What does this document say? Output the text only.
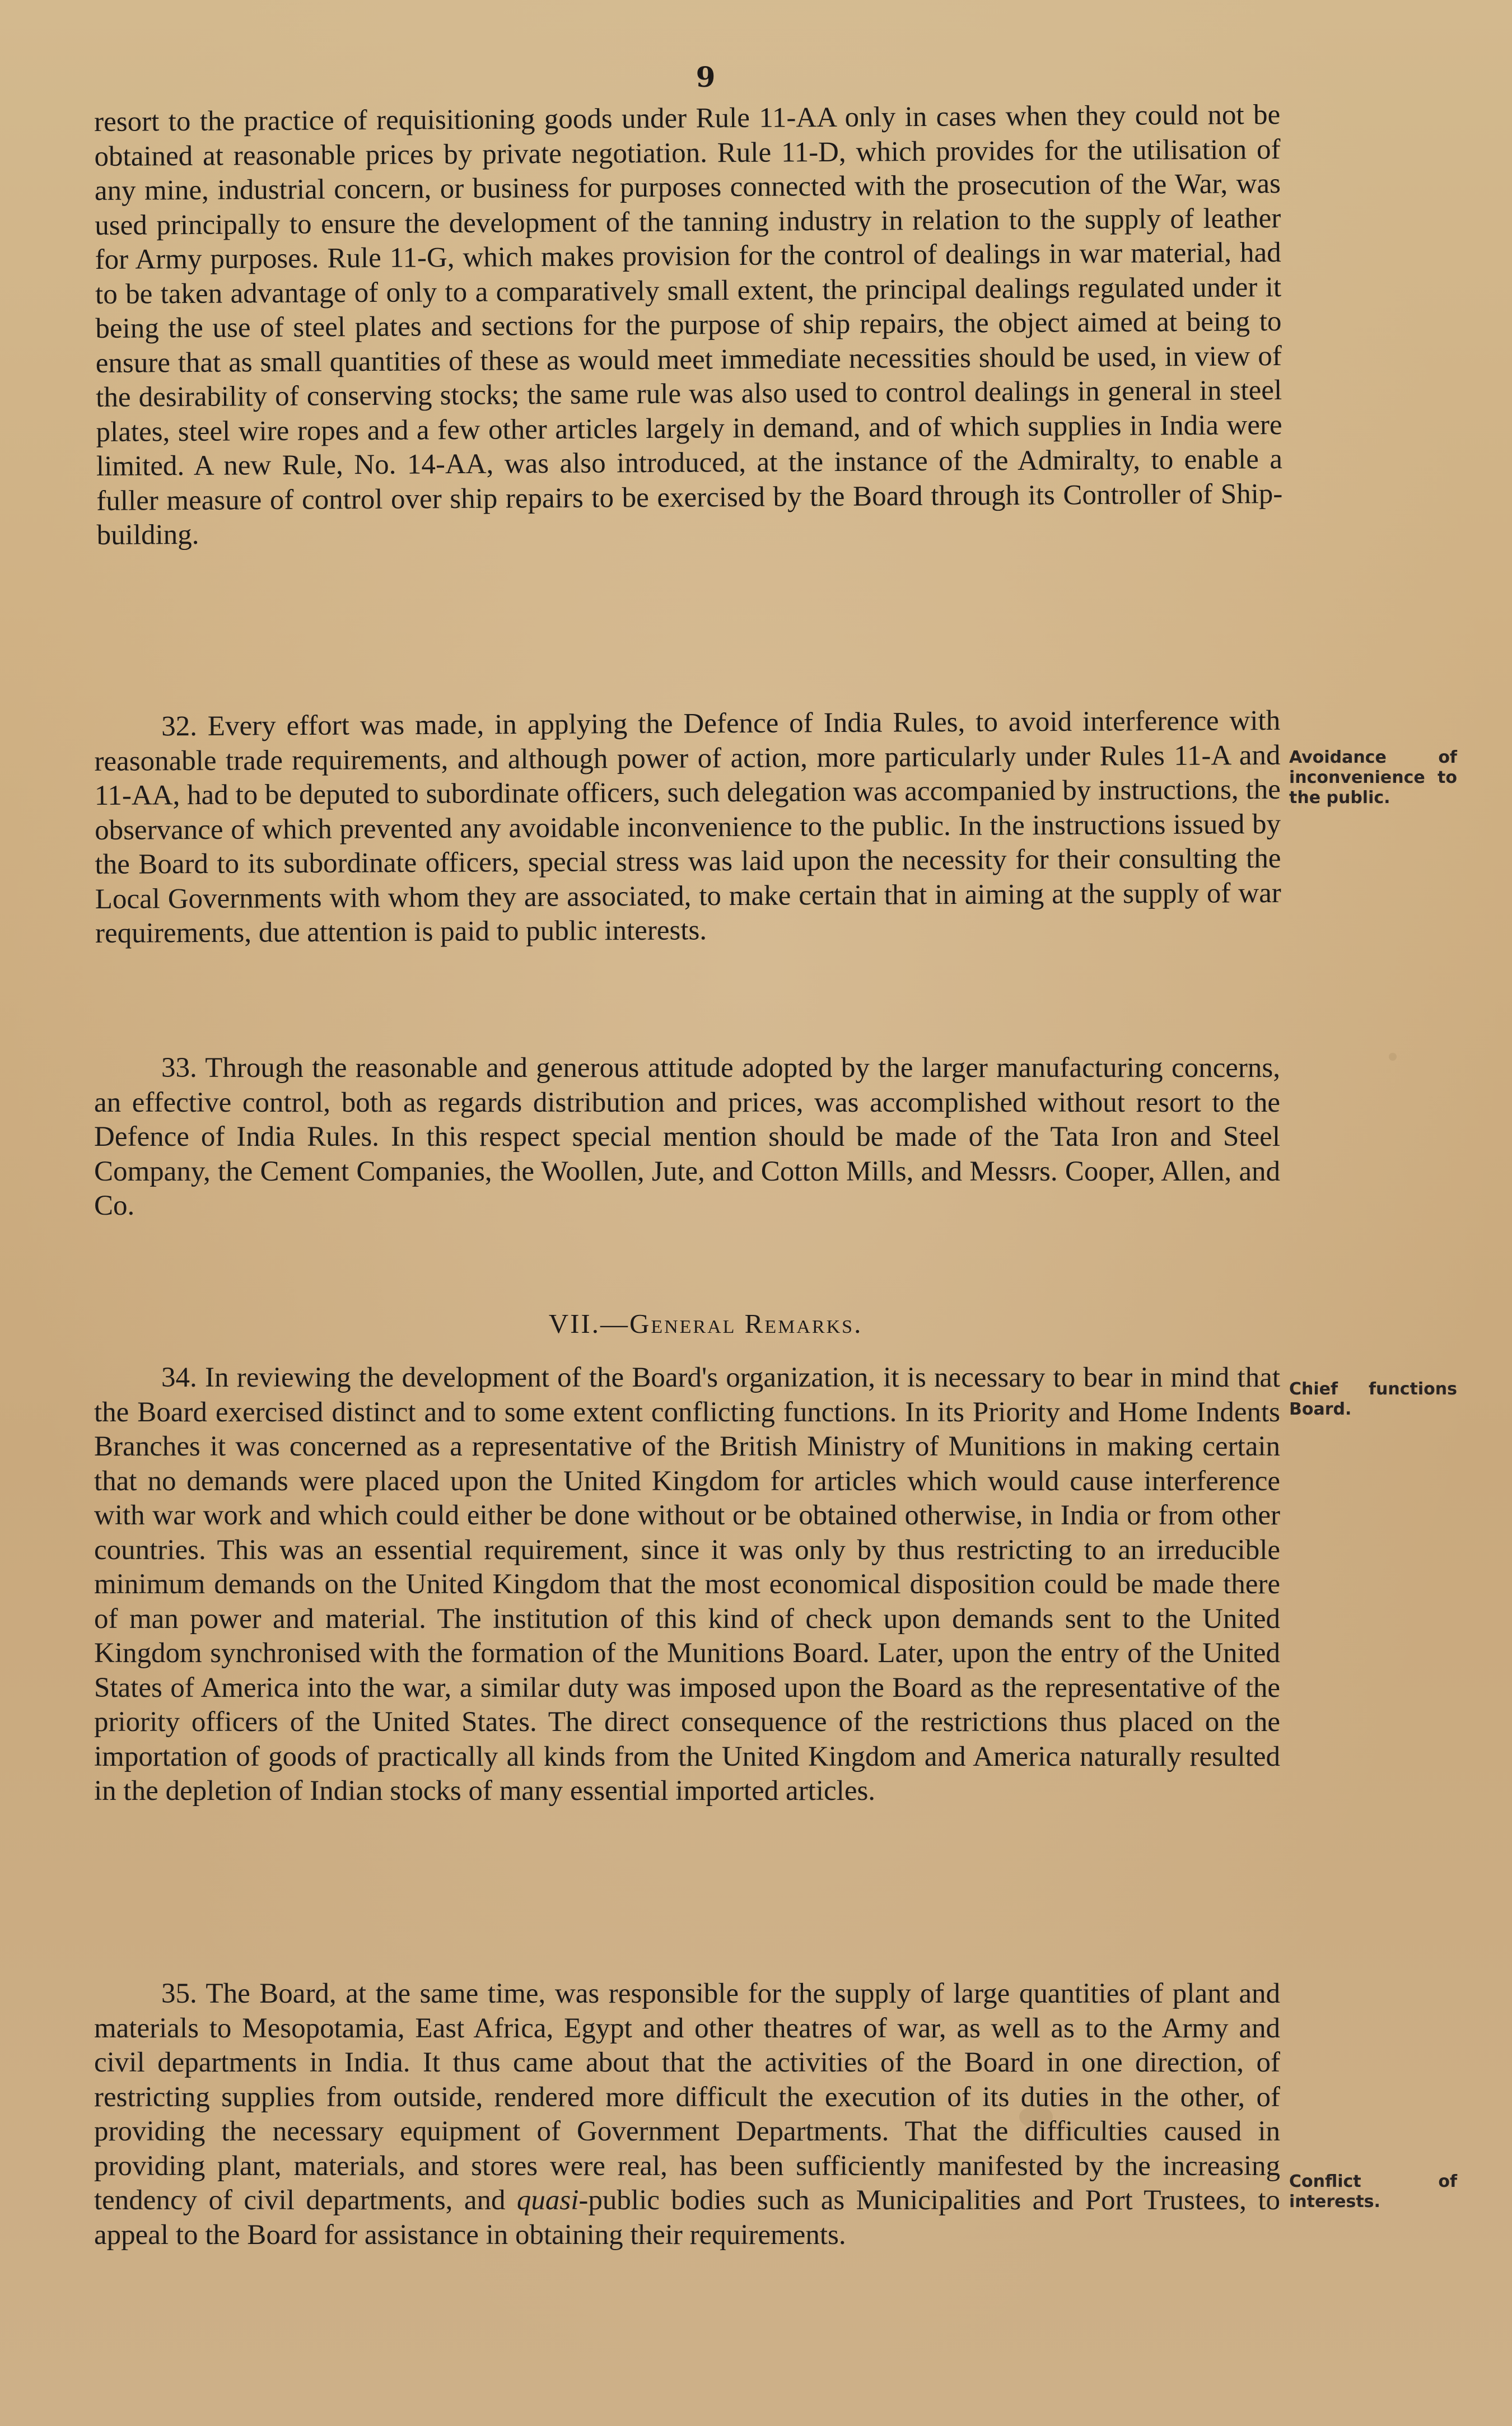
9

resort to the practice of requisitioning goods under Rule 11-AA only in cases when they could not be obtained at reasonable prices by private negotiation. Rule 11-D, which provides for the utilisation of any mine, industrial concern, or business for purposes connected with the prosecution of the War, was used principally to ensure the development of the tanning industry in relation to the supply of leather for Army purposes. Rule 11-G, which makes provision for the control of dealings in war material, had to be taken advantage of only to a comparatively small extent, the principal dealings regulated under it being the use of steel plates and sections for the purpose of ship repairs, the object aimed at being to ensure that as small quantities of these as would meet immediate necessities should be used, in view of the desirability of conserving stocks; the same rule was also used to control dealings in general in steel plates, steel wire ropes and a few other articles largely in demand, and of which supplies in India were limited. A new Rule, No. 14-AA, was also introduced, at the instance of the Admiralty, to enable a fuller measure of control over ship repairs to be exercised by the Board through its Controller of Ship-building.

32. Every effort was made, in applying the Defence of India Rules, to avoid interference with reasonable trade requirements, and although power of action, more particularly under Rules 11-A and 11-AA, had to be deputed to subordinate officers, such delegation was accompanied by instructions, the observance of which prevented any avoidable inconvenience to the public. In the instructions issued by the Board to its subordinate officers, special stress was laid upon the necessity for their consulting the Local Governments with whom they are associated, to make certain that in aiming at the supply of war requirements, due attention is paid to public interests.

Avoidance of inconvenience to the public.

33. Through the reasonable and generous attitude adopted by the larger manufacturing concerns, an effective control, both as regards distribution and prices, was accomplished without resort to the Defence of India Rules. In this respect special mention should be made of the Tata Iron and Steel Company, the Cement Companies, the Woollen, Jute, and Cotton Mills, and Messrs. Cooper, Allen, and Co.

VII.—General Remarks.

34. In reviewing the development of the Board's organization, it is necessary to bear in mind that the Board exercised distinct and to some extent conflicting functions. In its Priority and Home Indents Branches it was concerned as a representative of the British Ministry of Munitions in making certain that no demands were placed upon the United Kingdom for articles which would cause interference with war work and which could either be done without or be obtained otherwise, in India or from other countries. This was an essential requirement, since it was only by thus restricting to an irreducible minimum demands on the United Kingdom that the most economical disposition could be made there of man power and material. The institution of this kind of check upon demands sent to the United Kingdom synchronised with the formation of the Munitions Board. Later, upon the entry of the United States of America into the war, a similar duty was imposed upon the Board as the representative of the priority officers of the United States. The direct consequence of the restrictions thus placed on the importation of goods of practically all kinds from the United Kingdom and America naturally resulted in the depletion of Indian stocks of many essential imported articles.

Chief functions Board.

35. The Board, at the same time, was responsible for the supply of large quantities of plant and materials to Mesopotamia, East Africa, Egypt and other theatres of war, as well as to the Army and civil departments in India. It thus came about that the activities of the Board in one direction, of restricting supplies from outside, rendered more difficult the execution of its duties in the other, of providing the necessary equipment of Government Departments. That the difficulties caused in providing plant, materials, and stores were real, has been sufficiently manifested by the increasing tendency of civil departments, and quasi-public bodies such as Municipalities and Port Trustees, to appeal to the Board for assistance in obtaining their requirements.

Conflict of interests.
